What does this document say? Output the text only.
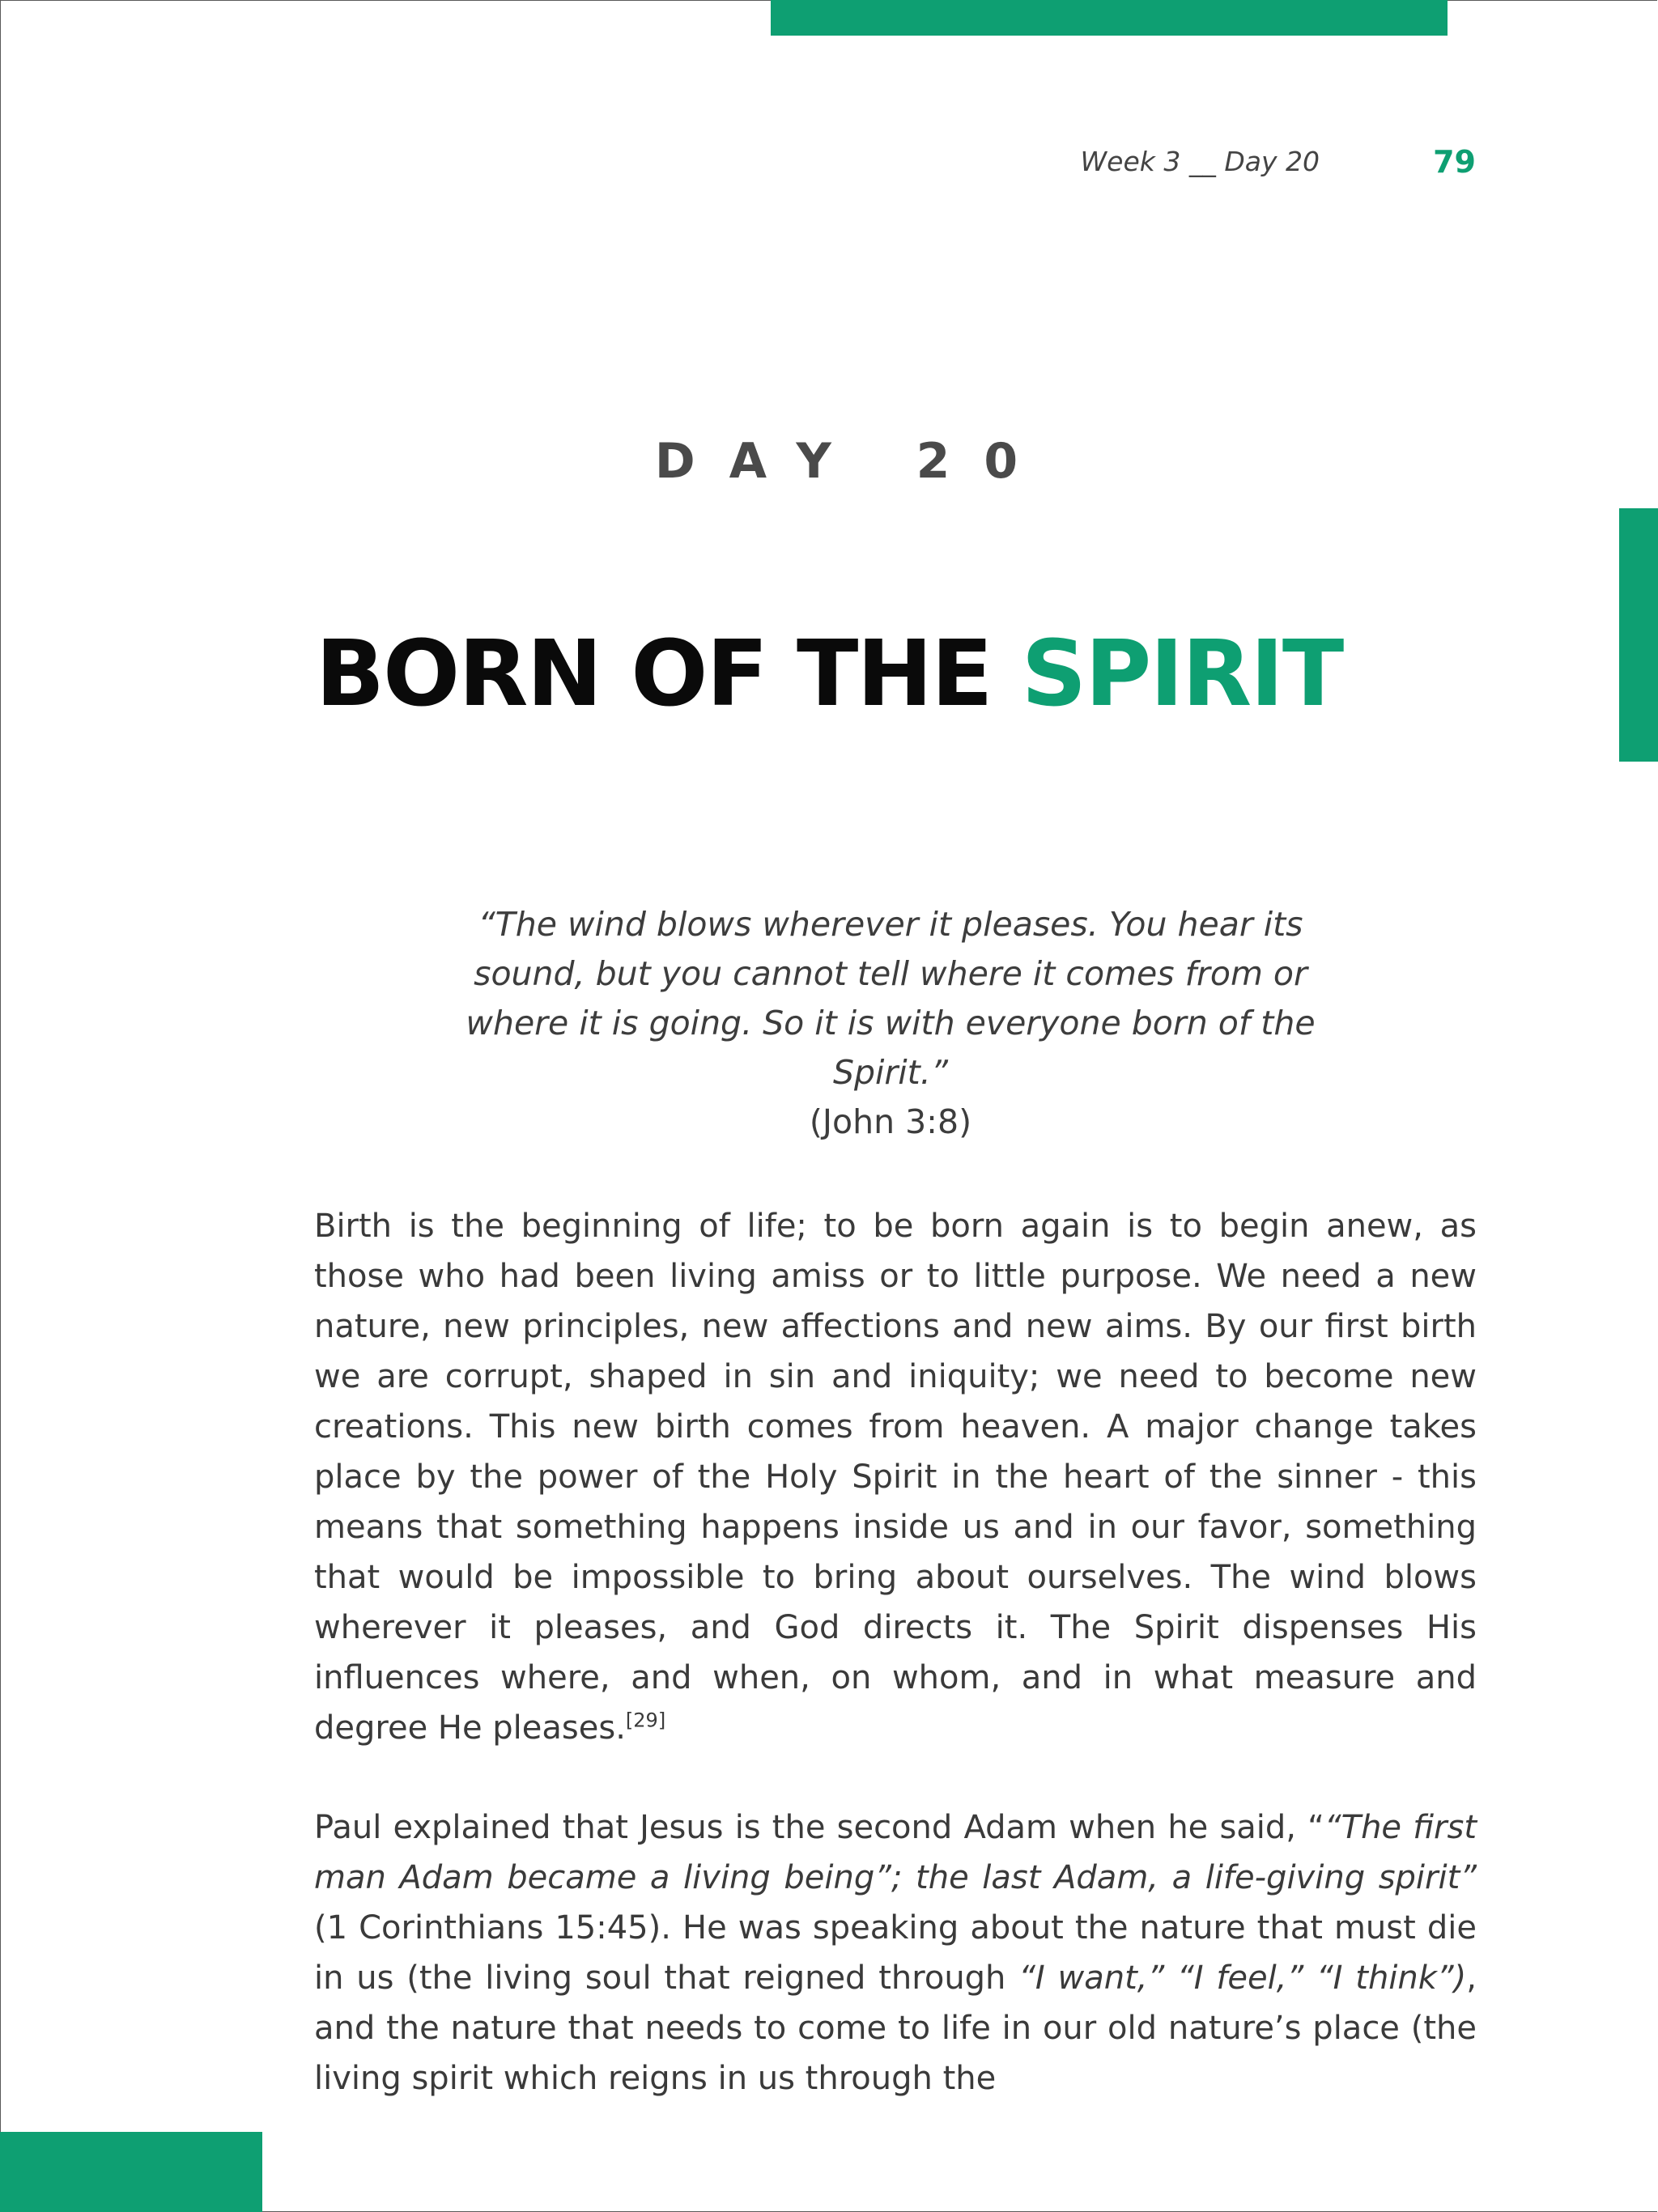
Week 3 __ Day 20	79
DAY 20
BORN OF THE SPIRIT
“The wind blows wherever it pleases. You hear its sound, but you cannot tell where it comes from or where it is going. So it is with everyone born of the Spirit.”
(John 3:8)
Birth is the beginning of life; to be born again is to begin anew, as those who had been living amiss or to little purpose. We need a new nature, new principles, new affections and new aims. By our first birth we are corrupt, shaped in sin and iniquity; we need to become new creations. This new birth comes from heaven. A major change takes place by the power of the Holy Spirit in the heart of the sinner - this means that something happens inside us and in our favor, something that would be impossible to bring about ourselves. The wind blows wherever it pleases, and God directs it. The Spirit dispenses His influences where, and when, on whom, and in what measure and degree He pleases.[29]
Paul explained that Jesus is the second Adam when he said, ““The first man Adam became a living being”; the last Adam, a life-giving spirit” (1 Corinthians 15:45). He was speaking about the nature that must die in us (the living soul that reigned through “I want,” “I feel,” “I think”), and the nature that needs to come to life in our old nature’s place (the living spirit which reigns in us through the
